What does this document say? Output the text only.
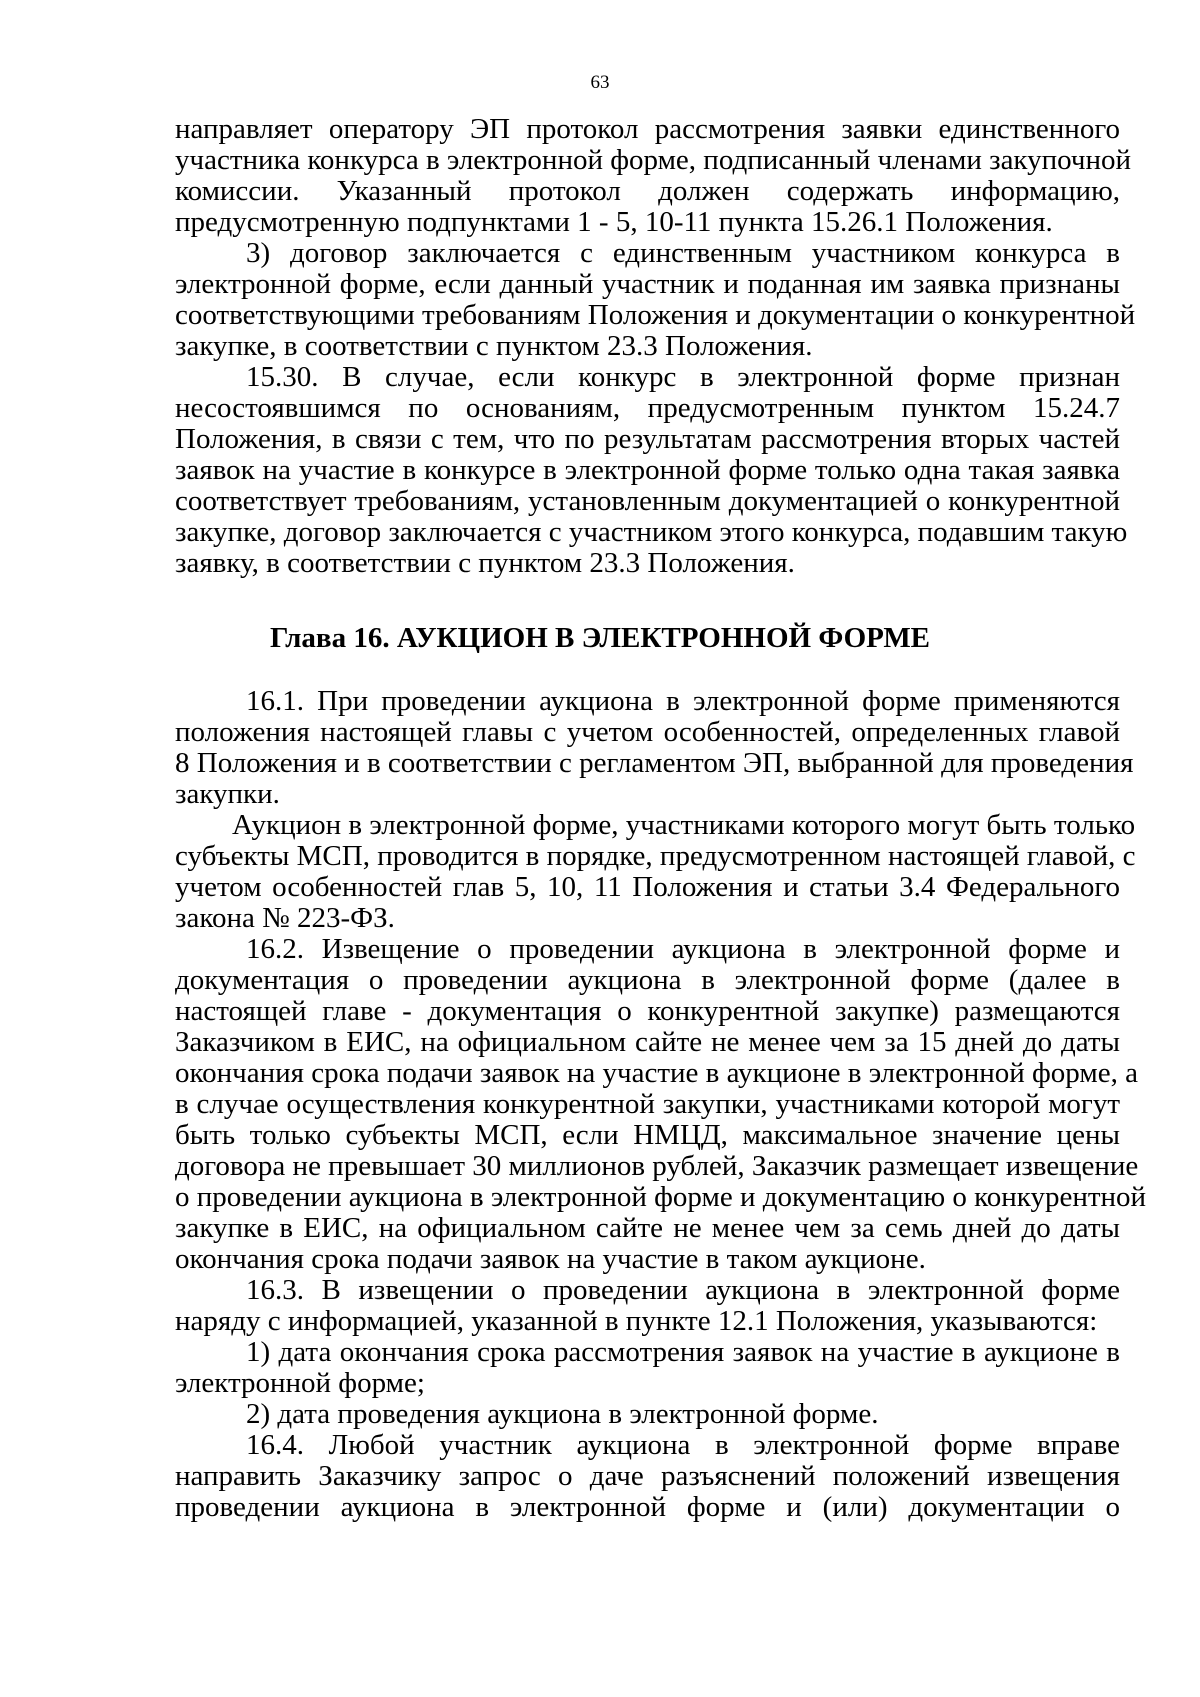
63
направляет оператору ЭП протокол рассмотрения заявки единственного
участника конкурса в электронной форме, подписанный членами закупочной
комиссии. Указанный протокол должен содержать информацию,
предусмотренную подпунктами 1 - 5, 10-11 пункта 15.26.1 Положения.
3) договор заключается с единственным участником конкурса в
электронной форме, если данный участник и поданная им заявка признаны
соответствующими требованиям Положения и документации о конкурентной
закупке, в соответствии с пунктом 23.3 Положения.
15.30. В случае, если конкурс в электронной форме признан
несостоявшимся по основаниям, предусмотренным пунктом 15.24.7
Положения, в связи с тем, что по результатам рассмотрения вторых частей
заявок на участие в конкурсе в электронной форме только одна такая заявка
соответствует требованиям, установленным документацией о конкурентной
закупке, договор заключается с участником этого конкурса, подавшим такую
заявку, в соответствии с пунктом 23.3 Положения.
Глава 16. АУКЦИОН В ЭЛЕКТРОННОЙ ФОРМЕ
16.1. При проведении аукциона в электронной форме применяются
положения настоящей главы с учетом особенностей, определенных главой
8 Положения и в соответствии с регламентом ЭП, выбранной для проведения
закупки.
Аукцион в электронной форме, участниками которого могут быть только
субъекты МСП, проводится в порядке, предусмотренном настоящей главой, с
учетом особенностей глав 5, 10, 11 Положения и статьи 3.4 Федерального
закона № 223-ФЗ.
16.2. Извещение о проведении аукциона в электронной форме и
документация о проведении аукциона в электронной форме (далее в
настоящей главе - документация о конкурентной закупке) размещаются
Заказчиком в ЕИС, на официальном сайте не менее чем за 15 дней до даты
окончания срока подачи заявок на участие в аукционе в электронной форме, а
в случае осуществления конкурентной закупки, участниками которой могут
быть только субъекты МСП, если НМЦД, максимальное значение цены
договора не превышает 30 миллионов рублей, Заказчик размещает извещение
о проведении аукциона в электронной форме и документацию о конкурентной
закупке в ЕИС, на официальном сайте не менее чем за семь дней до даты
окончания срока подачи заявок на участие в таком аукционе.
16.3. В извещении о проведении аукциона в электронной форме
наряду с информацией, указанной в пункте 12.1 Положения, указываются:
1) дата окончания срока рассмотрения заявок на участие в аукционе в
электронной форме;
2) дата проведения аукциона в электронной форме.
16.4. Любой участник аукциона в электронной форме вправе
направить Заказчику запрос о даче разъяснений положений извещения
проведении аукциона в электронной форме и (или) документации о
